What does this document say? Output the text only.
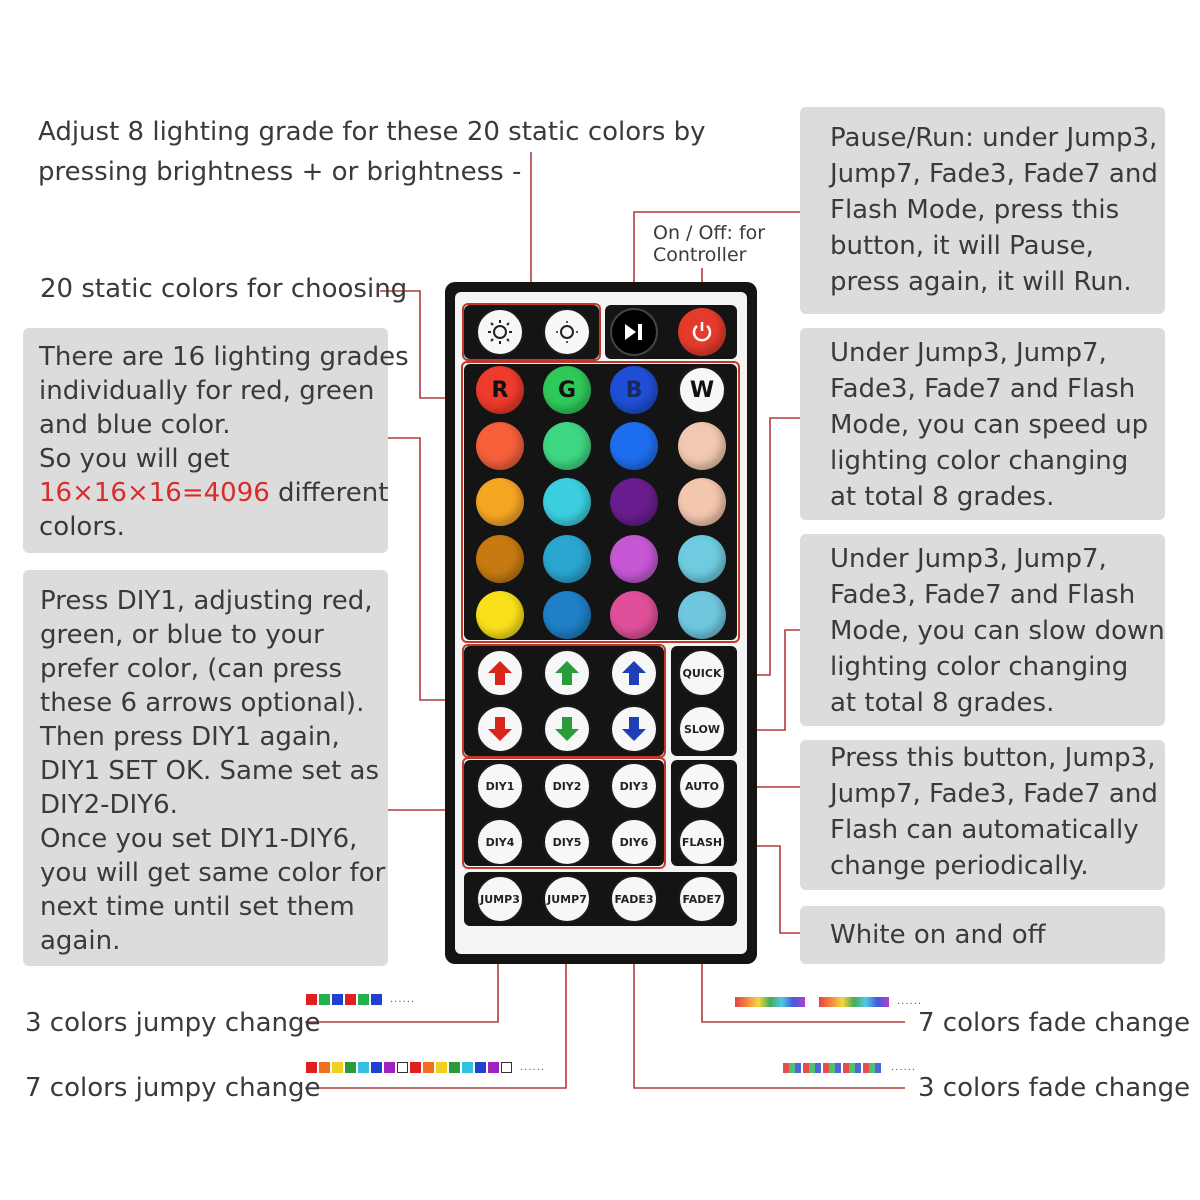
Adjust 8 lighting grade for these 20 static colors by
pressing brightness + or brightness -
20 static colors for choosing
On / Off: for
Controller
There are 16 lighting grades
individually for red, green
and blue color.
So you will get
16×16×16=4096 different
colors.
Press DIY1, adjusting red,
green, or blue to your
prefer color, (can press
these 6 arrows optional).
Then press DIY1 again,
DIY1 SET OK. Same set as
DIY2-DIY6.
Once you set DIY1-DIY6,
you will get same color for
next time until set them
again.
Pause/Run: under Jump3,
Jump7, Fade3, Fade7 and
Flash Mode, press this
button, it will Pause,
press again, it will Run.
Under Jump3, Jump7,
Fade3, Fade7 and Flash
Mode, you can speed up
lighting color changing
at total 8 grades.
Under Jump3, Jump7,
Fade3, Fade7 and Flash
Mode, you can slow down
lighting color changing
at total 8 grades.
Press this button, Jump3,
Jump7, Fade3, Fade7 and
Flash can automatically
change periodically.
White on and off
3 colors jumpy change
7 colors jumpy change
7 colors fade change
3 colors fade change
......
......
......
......
R	G	B	W
QUICK
SLOW
AUTO
FLASH
DIY1	DIY2	DIY3
DIY4	DIY5	DIY6
JUMP3	JUMP7	FADE3	FADE7
